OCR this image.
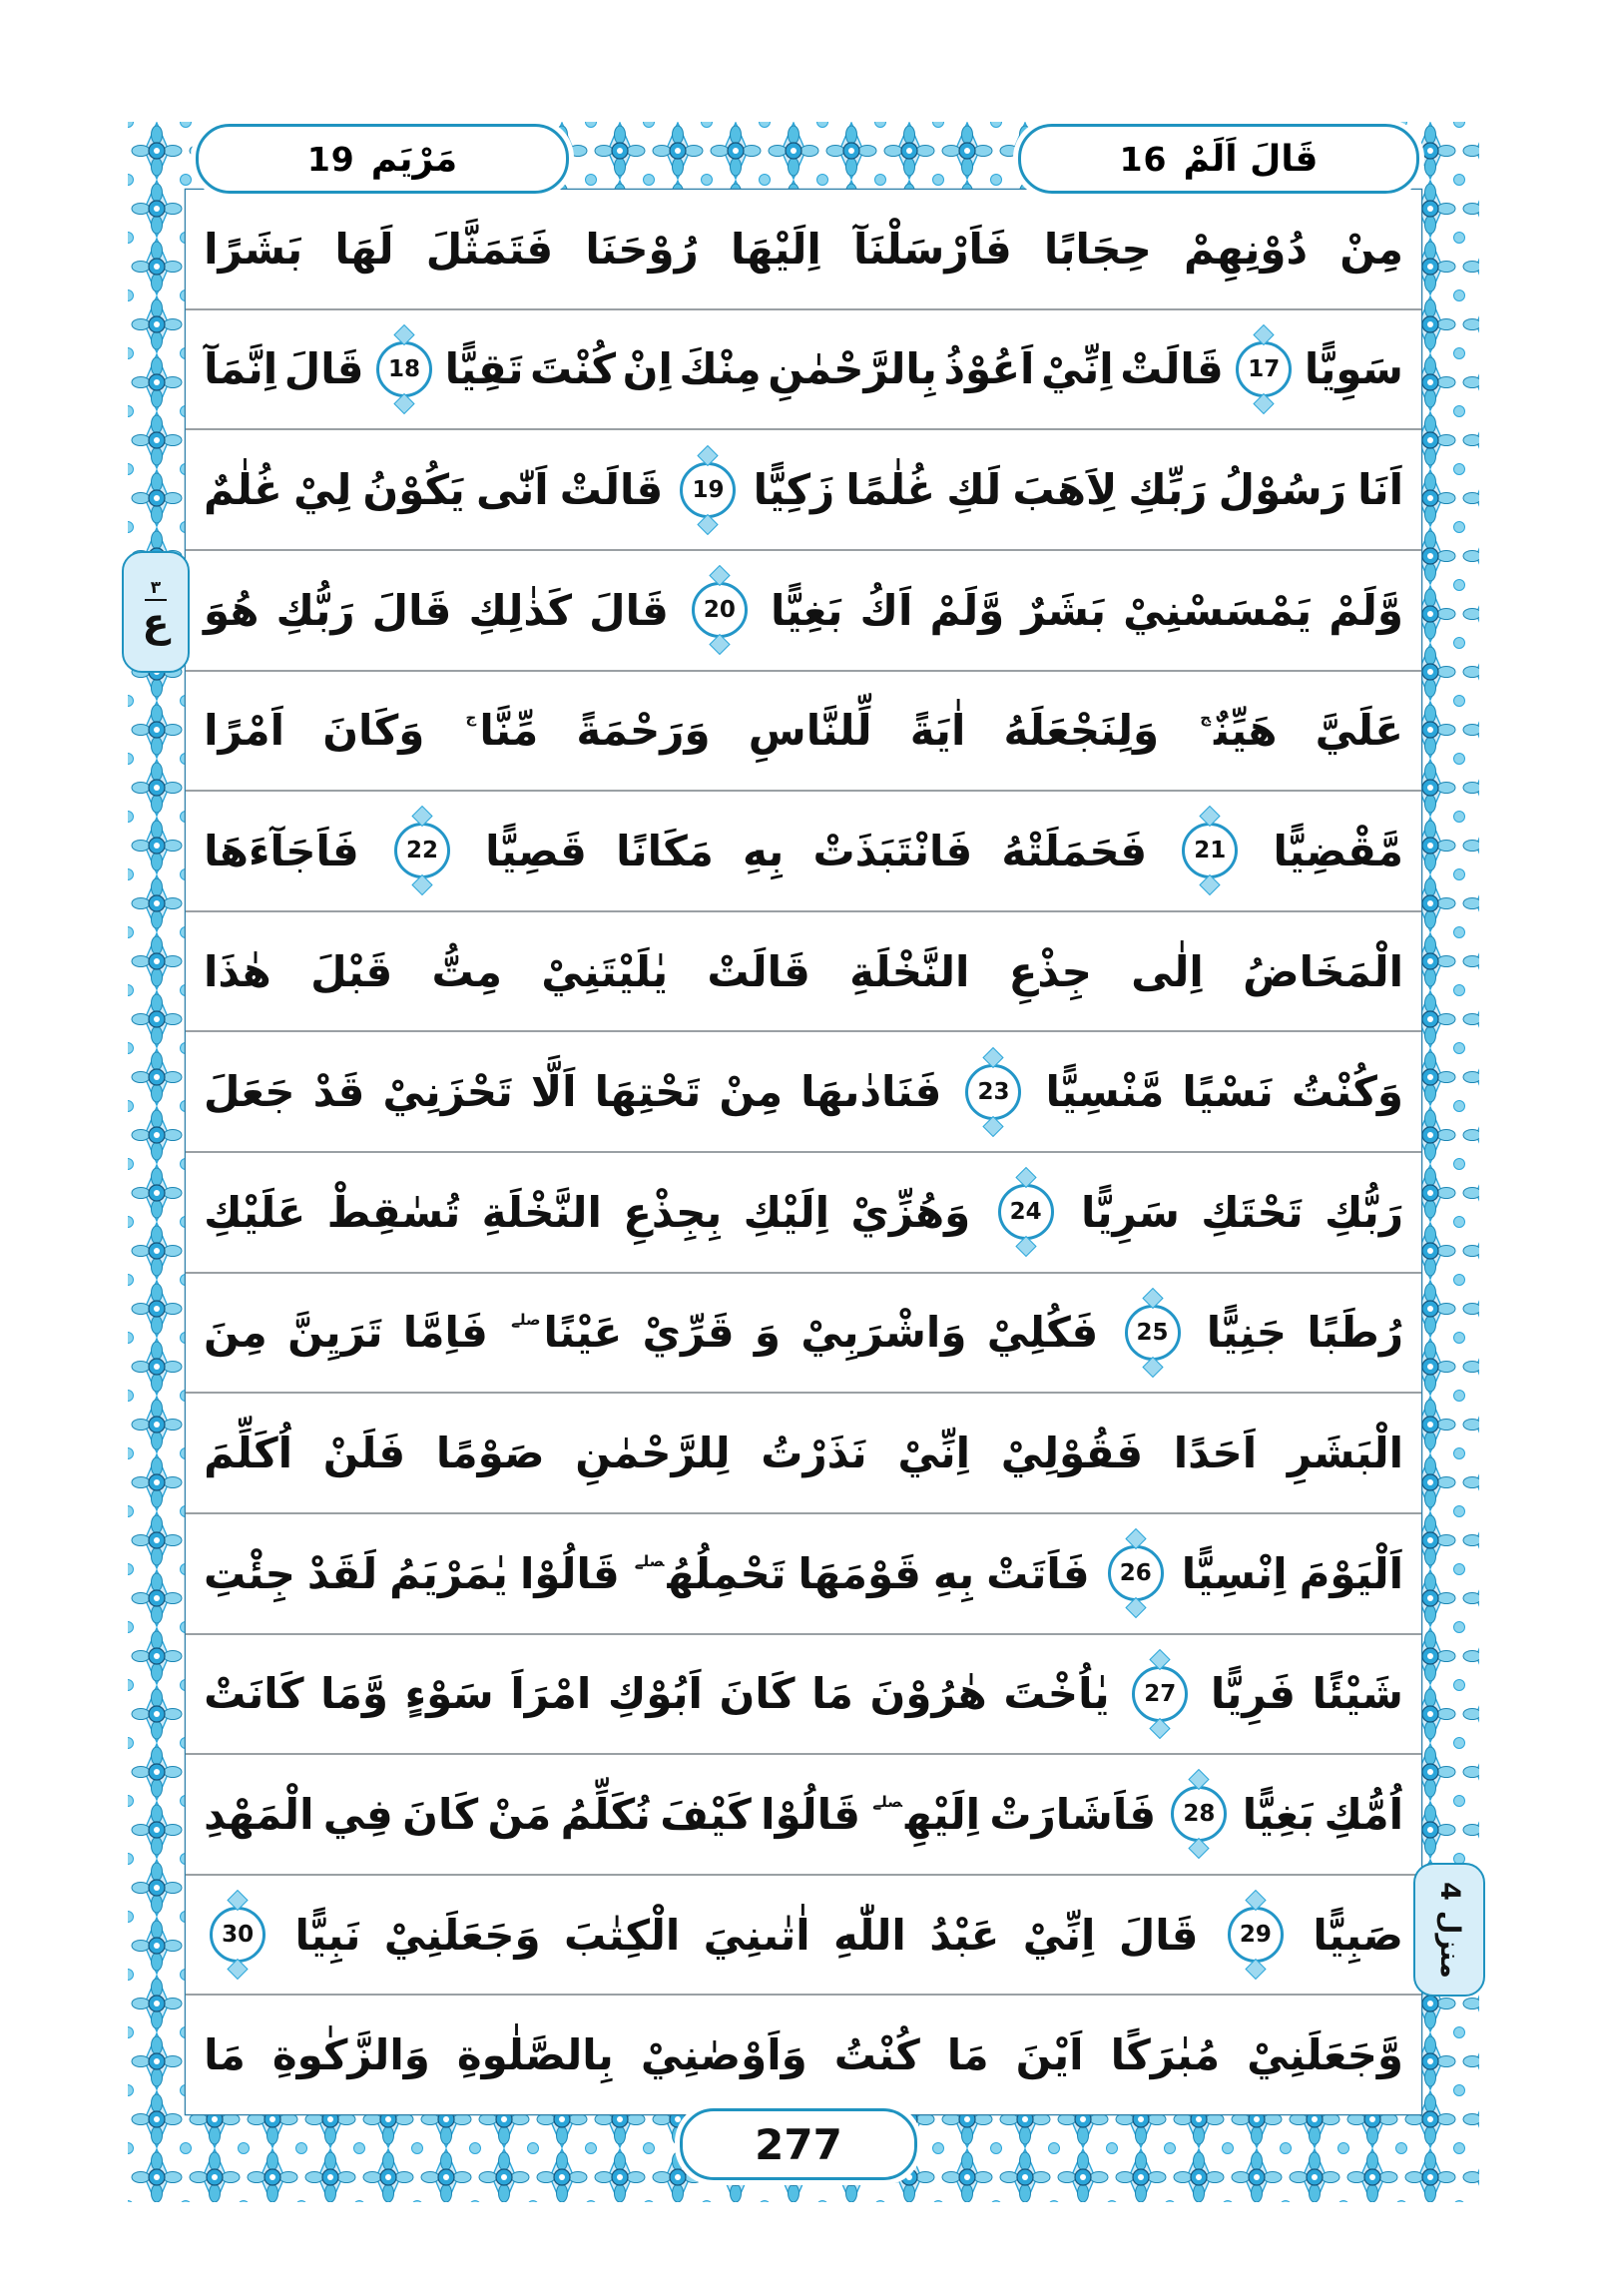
قَالَ اَلَمْ
16
مَرْيَم
19
٣
ع
منزل
4
مِنْ
دُوْنِهِمْ
حِجَابًا
فَاَرْسَلْنَآ
اِلَيْهَا
رُوْحَنَا
فَتَمَثَّلَ
لَهَا
بَشَرًا
سَوِيًّا
17
قَالَتْ
اِنِّيْ
اَعُوْذُ
بِالرَّحْمٰنِ
مِنْكَ
اِنْ
كُنْتَ
تَقِيًّا
18
قَالَ
اِنَّمَآ
اَنَا
رَسُوْلُ
رَبِّكِ
لِاَهَبَ
لَكِ
غُلٰمًا
زَكِيًّا
19
قَالَتْ
اَنّٰى
يَكُوْنُ
لِيْ
غُلٰمٌ
وَّلَمْ
يَمْسَسْنِيْ
بَشَرٌ
وَّلَمْ
اَكُ
بَغِيًّا
20
قَالَ
كَذٰلِكِ
قَالَ
رَبُّكِ
هُوَ
عَلَيَّ
هَيِّنٌ$^ج$
وَلِنَجْعَلَهُ
اٰيَةً
لِّلنَّاسِ
وَرَحْمَةً
مِّنَّا$^ج$
وَكَانَ
اَمْرًا
مَّقْضِيًّا
21
فَحَمَلَتْهُ
فَانْتَبَذَتْ
بِهِ
مَكَانًا
قَصِيًّا
22
فَاَجَآءَهَا
الْمَخَاضُ
اِلٰى
جِذْعِ
النَّخْلَةِ
قَالَتْ
يٰلَيْتَنِيْ
مِتُّ
قَبْلَ
هٰذَا
وَكُنْتُ
نَسْيًا
مَّنْسِيًّا
23
فَنَادٰىهَا
مِنْ
تَحْتِهَا
اَلَّا
تَحْزَنِيْ
قَدْ
جَعَلَ
رَبُّكِ
تَحْتَكِ
سَرِيًّا
24
وَهُزِّيْ
اِلَيْكِ
بِجِذْعِ
النَّخْلَةِ
تُسٰقِطْ
عَلَيْكِ
رُطَبًا
جَنِيًّا
25
فَكُلِيْ
وَاشْرَبِيْ
وَ
قَرِّيْ
عَيْنًا$^{صلے}$
فَاِمَّا
تَرَيِنَّ
مِنَ
الْبَشَرِ
اَحَدًا
فَقُوْلِيْ
اِنِّيْ
نَذَرْتُ
لِلرَّحْمٰنِ
صَوْمًا
فَلَنْ
اُكَلِّمَ
اَلْيَوْمَ
اِنْسِيًّا
26
فَاَتَتْ
بِهِ
قَوْمَهَا
تَحْمِلُهُ$^{صلے}$
قَالُوْا
يٰمَرْيَمُ
لَقَدْ
جِئْتِ
شَيْئًا
فَرِيًّا
27
يٰاُخْتَ
هٰرُوْنَ
مَا
كَانَ
اَبُوْكِ
امْرَاَ
سَوْءٍ
وَّمَا
كَانَتْ
اُمُّكِ
بَغِيًّا
28
فَاَشَارَتْ
اِلَيْهِ$^{صلے}$
قَالُوْا
كَيْفَ
نُكَلِّمُ
مَنْ
كَانَ
فِي
الْمَهْدِ
صَبِيًّا
29
قَالَ
اِنِّيْ
عَبْدُ
اللّٰهِ
اٰتٰىنِيَ
الْكِتٰبَ
وَجَعَلَنِيْ
نَبِيًّا
30
وَّجَعَلَنِيْ
مُبٰرَكًا
اَيْنَ
مَا
كُنْتُ
وَاَوْصٰنِيْ
بِالصَّلٰوةِ
وَالزَّكٰوةِ
مَا
277
